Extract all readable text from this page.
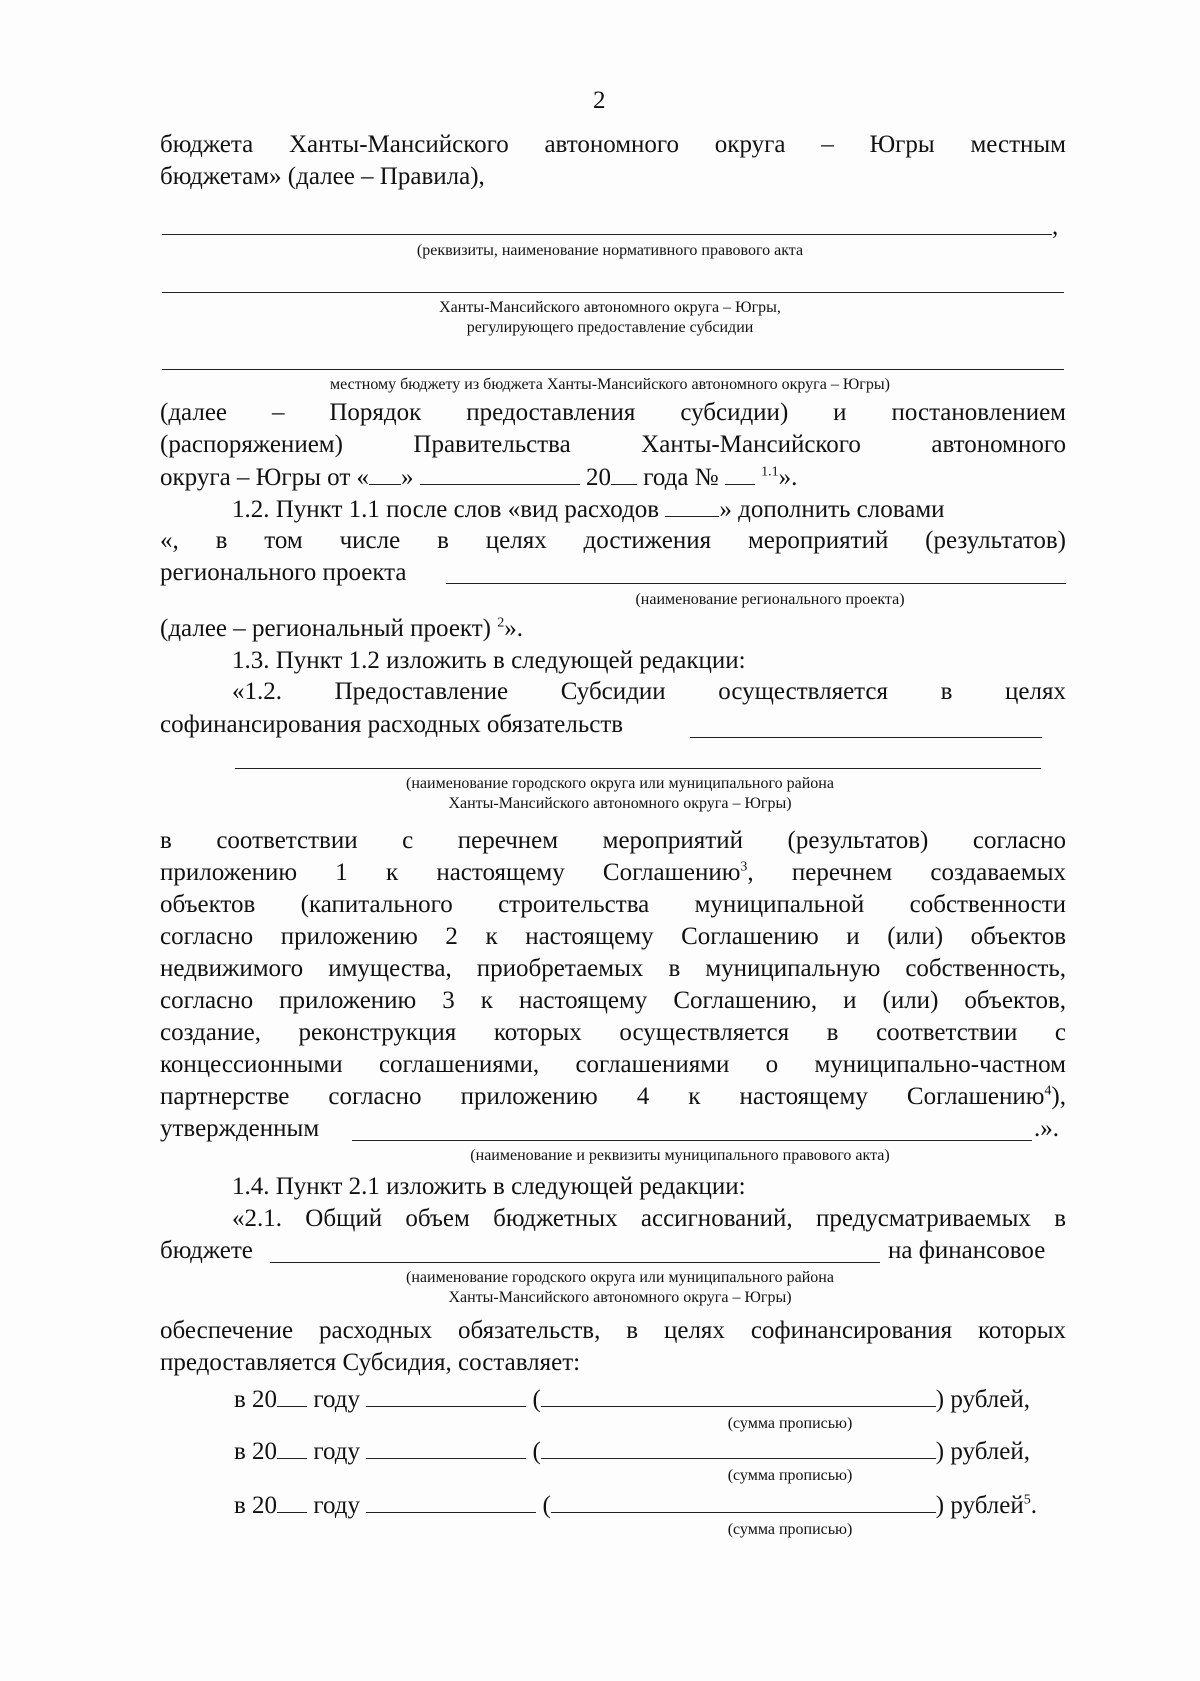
2
бюджета Ханты-Мансийского автономного округа – Югры местным
бюджетам» (далее – Правила),
,
(реквизиты, наименование нормативного правового акта
Ханты-Мансийского автономного округа – Югры,
регулирующего предоставление субсидии
местному бюджету из бюджета Ханты-Мансийского автономного округа – Югры)
(далее – Порядок предоставления субсидии) и постановлением
(распоряжением) Правительства Ханты-Мансийского автономного
округа – Югры от « »	20 года №	$^{1.1}$».
1.2. Пункт 1.1 после слов «вид расходов » дополнить словами
«, в том числе в целях достижения мероприятий (результатов)
регионального проекта
(наименование регионального проекта)
(далее – региональный проект) $^2$».
1.3. Пункт 1.2 изложить в следующей редакции:
«1.2. Предоставление Субсидии осуществляется в целях
софинансирования расходных обязательств
(наименование городского округа или муниципального района
Ханты-Мансийского автономного округа – Югры)
в соответствии с перечнем мероприятий (результатов) согласно
приложению 1 к настоящему Соглашению$^3$, перечнем создаваемых
объектов (капитального строительства муниципальной собственности
согласно приложению 2 к настоящему Соглашению и (или) объектов
недвижимого имущества, приобретаемых в муниципальную собственность,
согласно приложению 3 к настоящему Соглашению, и (или) объектов,
создание, реконструкция которых осуществляется в соответствии с
концессионными соглашениями, соглашениями о муниципально-частном
партнерстве согласно приложению 4 к настоящему Соглашению$^4$),
утвержденным	.».
(наименование и реквизиты муниципального правового акта)
1.4. Пункт 2.1 изложить в следующей редакции:
«2.1. Общий объем бюджетных ассигнований, предусматриваемых в
бюджете	на финансовое
(наименование городского округа или муниципального района
Ханты-Мансийского автономного округа – Югры)
обеспечение расходных обязательств, в целях софинансирования которых
предоставляется Субсидия, составляет:
в 20 году	(	) рублей,
(сумма прописью)
в 20 году	(	) рублей,
(сумма прописью)
в 20 году	(	) рублей$^5$.
(сумма прописью)
